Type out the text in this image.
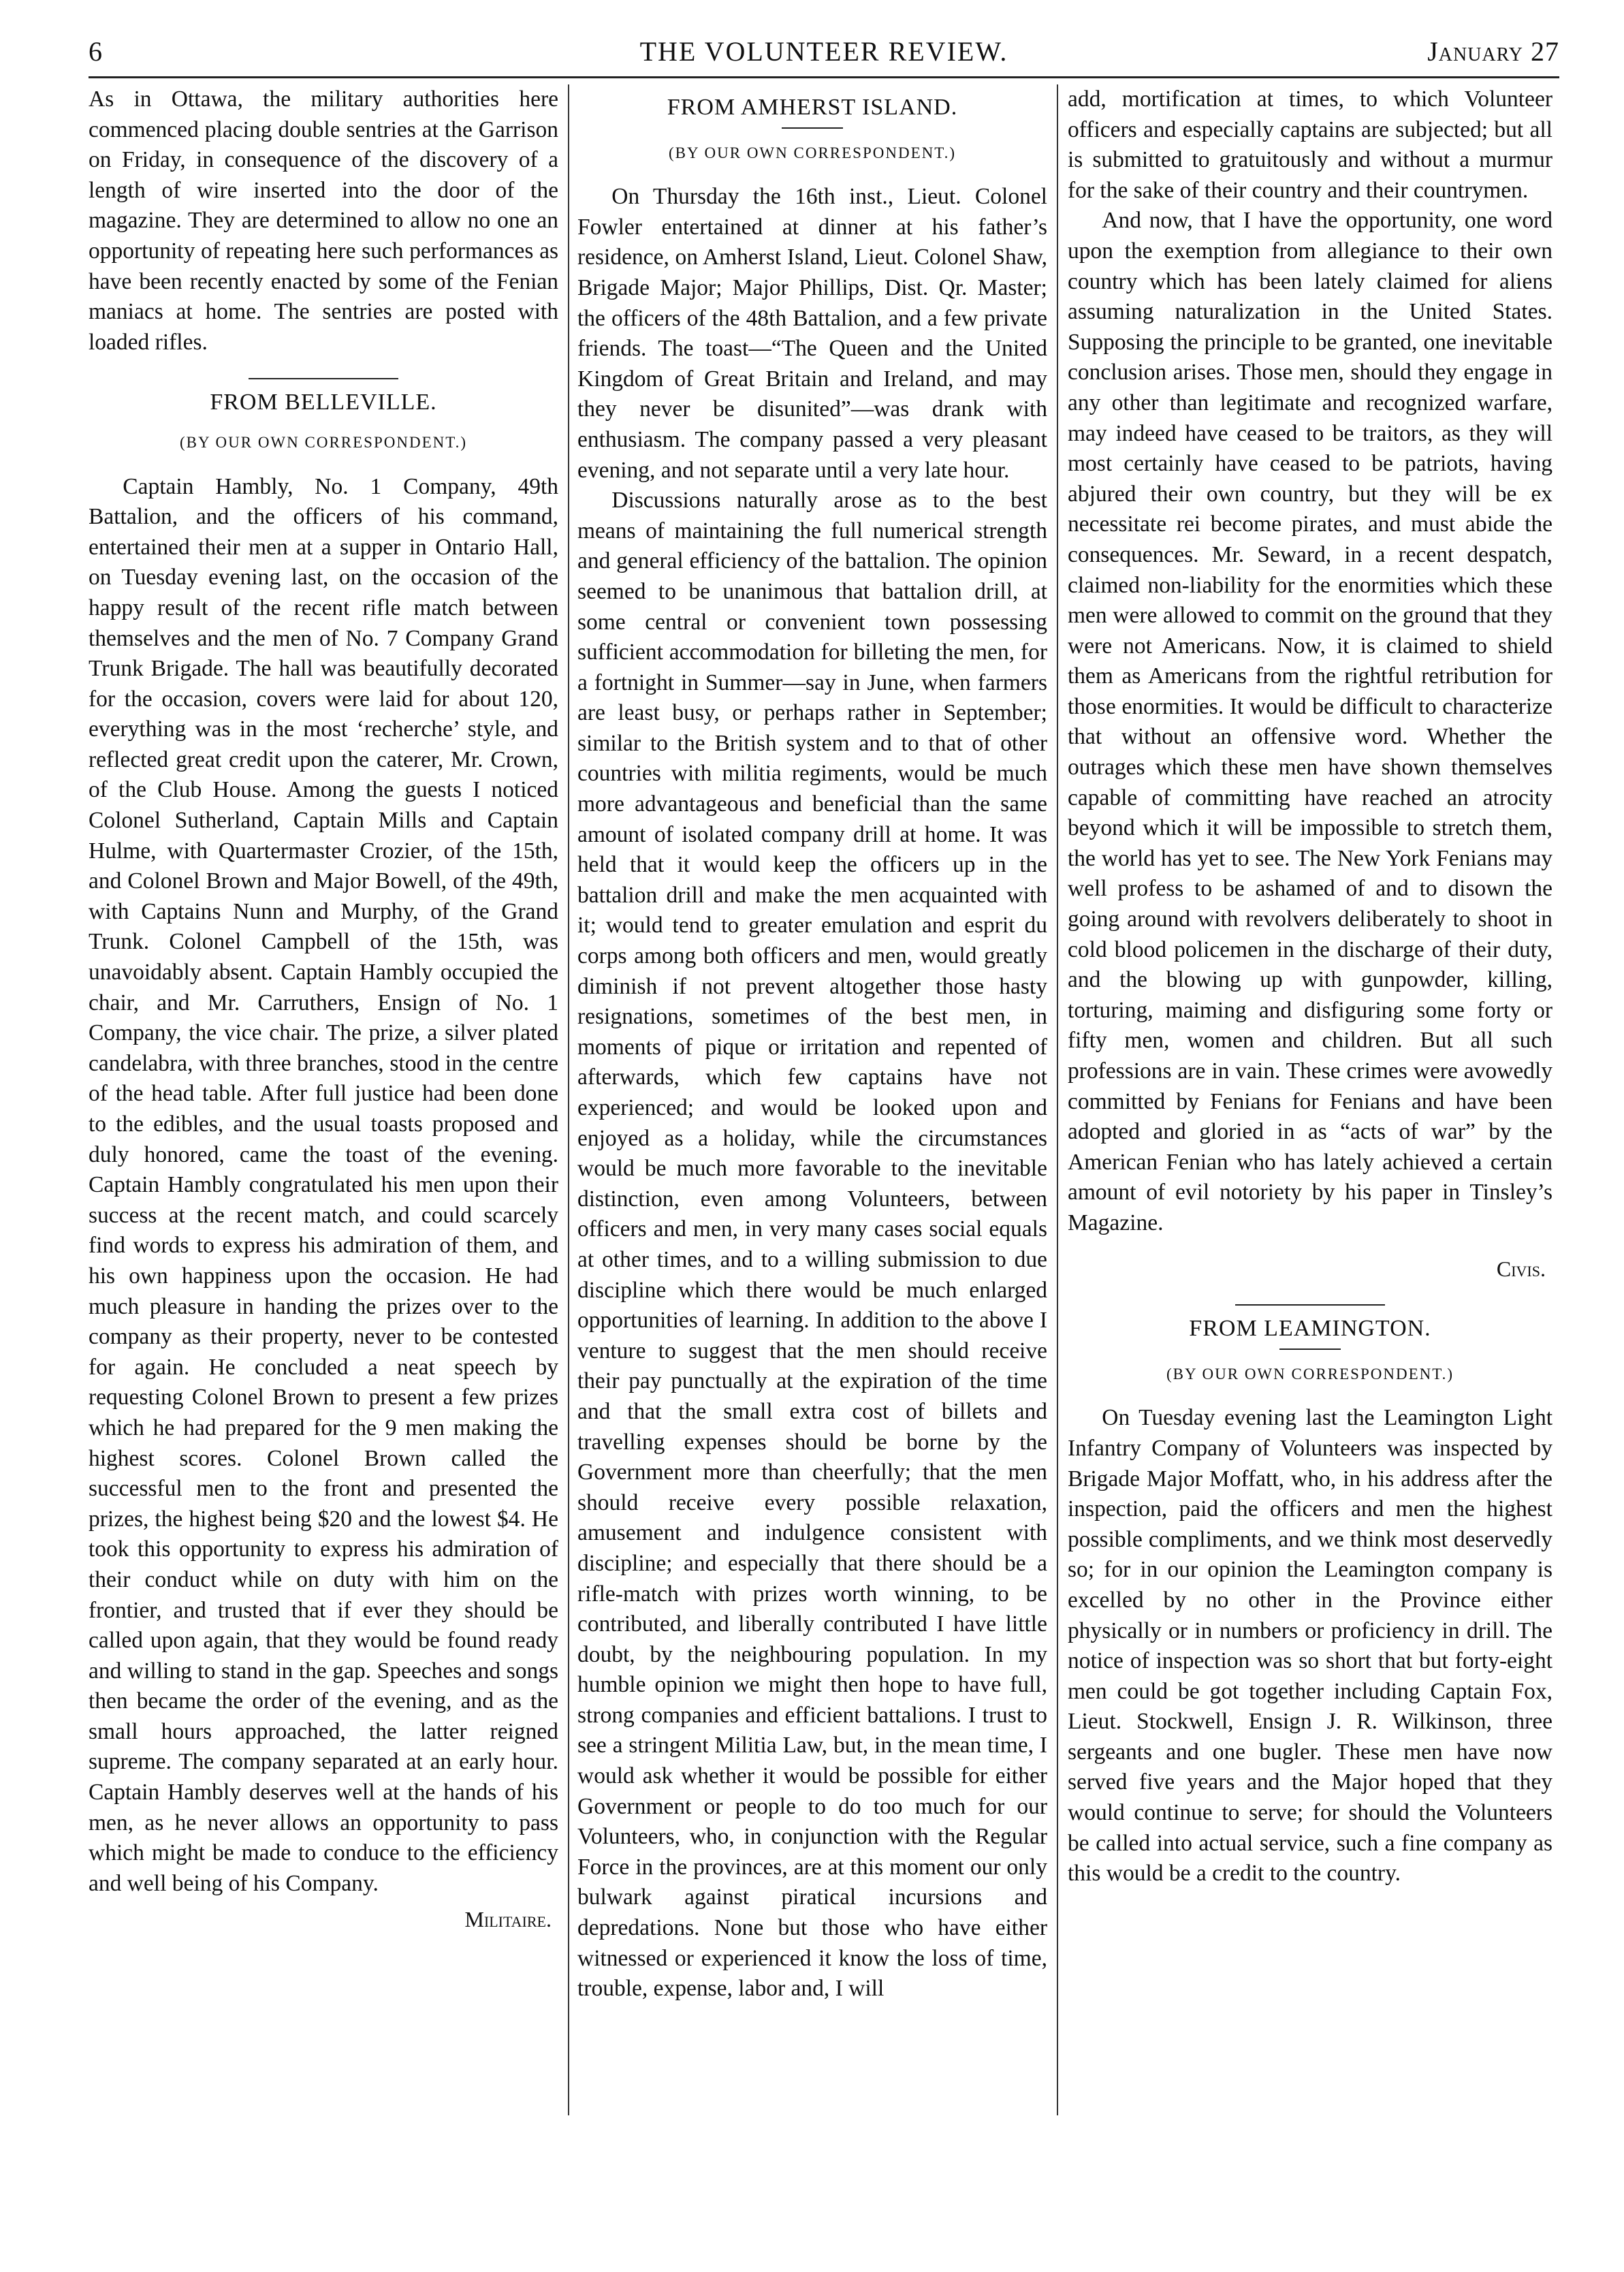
6	THE VOLUNTEER REVIEW.	January 27

As in Ottawa, the military authorities here commenced placing double sentries at the Garrison on Friday, in consequence of the discovery of a length of wire inserted into the door of the magazine. They are determined to allow no one an opportunity of repeating here such performances as have been recently enacted by some of the Fenian maniacs at home. The sentries are posted with loaded rifles.

FROM BELLEVILLE.
(BY OUR OWN CORRESPONDENT.)

Captain Hambly, No. 1 Company, 49th Battalion, and the officers of his command, entertained their men at a supper in Ontario Hall, on Tuesday evening last, on the occasion of the happy result of the recent rifle match between themselves and the men of No. 7 Company Grand Trunk Brigade. The hall was beautifully decorated for the occasion, covers were laid for about 120, everything was in the most ‘recherche’ style, and reflected great credit upon the caterer, Mr. Crown, of the Club House. Among the guests I noticed Colonel Sutherland, Captain Mills and Captain Hulme, with Quartermaster Crozier, of the 15th, and Colonel Brown and Major Bowell, of the 49th, with Captains Nunn and Murphy, of the Grand Trunk. Colonel Campbell of the 15th, was unavoidably absent. Captain Hambly occupied the chair, and Mr. Carruthers, Ensign of No. 1 Company, the vice chair. The prize, a silver plated candelabra, with three branches, stood in the centre of the head table. After full justice had been done to the edibles, and the usual toasts proposed and duly honored, came the toast of the evening. Captain Hambly congratulated his men upon their success at the recent match, and could scarcely find words to express his admiration of them, and his own happiness upon the occasion. He had much pleasure in handing the prizes over to the company as their property, never to be contested for again. He concluded a neat speech by requesting Colonel Brown to present a few prizes which he had prepared for the 9 men making the highest scores. Colonel Brown called the successful men to the front and presented the prizes, the highest being $20 and the lowest $4. He took this opportunity to express his admiration of their conduct while on duty with him on the frontier, and trusted that if ever they should be called upon again, that they would be found ready and willing to stand in the gap. Speeches and songs then became the order of the evening, and as the small hours approached, the latter reigned supreme. The company separated at an early hour. Captain Hambly deserves well at the hands of his men, as he never allows an opportunity to pass which might be made to conduce to the efficiency and well being of his Company.

Militaire.
FROM AMHERST ISLAND.
(BY OUR OWN CORRESPONDENT.)

On Thursday the 16th inst., Lieut. Colonel Fowler entertained at dinner at his father’s residence, on Amherst Island, Lieut. Colonel Shaw, Brigade Major; Major Phillips, Dist. Qr. Master; the officers of the 48th Battalion, and a few private friends. The toast—“The Queen and the United Kingdom of Great Britain and Ireland, and may they never be disunited”—was drank with enthusiasm. The company passed a very pleasant evening, and not separate until a very late hour.

Discussions naturally arose as to the best means of maintaining the full numerical strength and general efficiency of the battalion. The opinion seemed to be unanimous that battalion drill, at some central or convenient town possessing sufficient accommodation for billeting the men, for a fortnight in Summer—say in June, when farmers are least busy, or perhaps rather in September; similar to the British system and to that of other countries with militia regiments, would be much more advantageous and beneficial than the same amount of isolated company drill at home. It was held that it would keep the officers up in the battalion drill and make the men acquainted with it; would tend to greater emulation and esprit du corps among both officers and men, would greatly diminish if not prevent altogether those hasty resignations, sometimes of the best men, in moments of pique or irritation and repented of afterwards, which few captains have not experienced; and would be looked upon and enjoyed as a holiday, while the circumstances would be much more favorable to the inevitable distinction, even among Volunteers, between officers and men, in very many cases social equals at other times, and to a willing submission to due discipline which there would be much enlarged opportunities of learning. In addition to the above I venture to suggest that the men should receive their pay punctually at the expiration of the time and that the small extra cost of billets and travelling expenses should be borne by the Government more than cheerfully; that the men should receive every possible relaxation, amusement and indulgence consistent with discipline; and especially that there should be a rifle-match with prizes worth winning, to be contributed, and liberally contributed I have little doubt, by the neighbouring population. In my humble opinion we might then hope to have full, strong companies and efficient battalions. I trust to see a stringent Militia Law, but, in the mean time, I would ask whether it would be possible for either Government or people to do too much for our Volunteers, who, in conjunction with the Regular Force in the provinces, are at this moment our only bulwark against piratical incursions and depredations. None but those who have either witnessed or experienced it know the loss of time, trouble, expense, labor and, I will

add, mortification at times, to which Volunteer officers and especially captains are subjected; but all is submitted to gratuitously and without a murmur for the sake of their country and their countrymen.

And now, that I have the opportunity, one word upon the exemption from allegiance to their own country which has been lately claimed for aliens assuming naturalization in the United States. Supposing the principle to be granted, one inevitable conclusion arises. Those men, should they engage in any other than legitimate and recognized warfare, may indeed have ceased to be traitors, as they will most certainly have ceased to be patriots, having abjured their own country, but they will be ex necessitate rei become pirates, and must abide the consequences. Mr. Seward, in a recent despatch, claimed non-liability for the enormities which these men were allowed to commit on the ground that they were not Americans. Now, it is claimed to shield them as Americans from the rightful retribution for those enormities. It would be difficult to characterize that without an offensive word. Whether the outrages which these men have shown themselves capable of committing have reached an atrocity beyond which it will be impossible to stretch them, the world has yet to see. The New York Fenians may well profess to be ashamed of and to disown the going around with revolvers deliberately to shoot in cold blood policemen in the discharge of their duty, and the blowing up with gunpowder, killing, torturing, maiming and disfiguring some forty or fifty men, women and children. But all such professions are in vain. These crimes were avowedly committed by Fenians for Fenians and have been adopted and gloried in as “acts of war” by the American Fenian who has lately achieved a certain amount of evil notoriety by his paper in Tinsley’s Magazine.

Civis.
FROM LEAMINGTON.
(BY OUR OWN CORRESPONDENT.)

On Tuesday evening last the Leamington Light Infantry Company of Volunteers was inspected by Brigade Major Moffatt, who, in his address after the inspection, paid the officers and men the highest possible compliments, and we think most deservedly so; for in our opinion the Leamington company is excelled by no other in the Province either physically or in numbers or proficiency in drill. The notice of inspection was so short that but forty-eight men could be got together including Captain Fox, Lieut. Stockwell, Ensign J. R. Wilkinson, three sergeants and one bugler. These men have now served five years and the Major hoped that they would continue to serve; for should the Volunteers be called into actual service, such a fine company as this would be a credit to the country.
